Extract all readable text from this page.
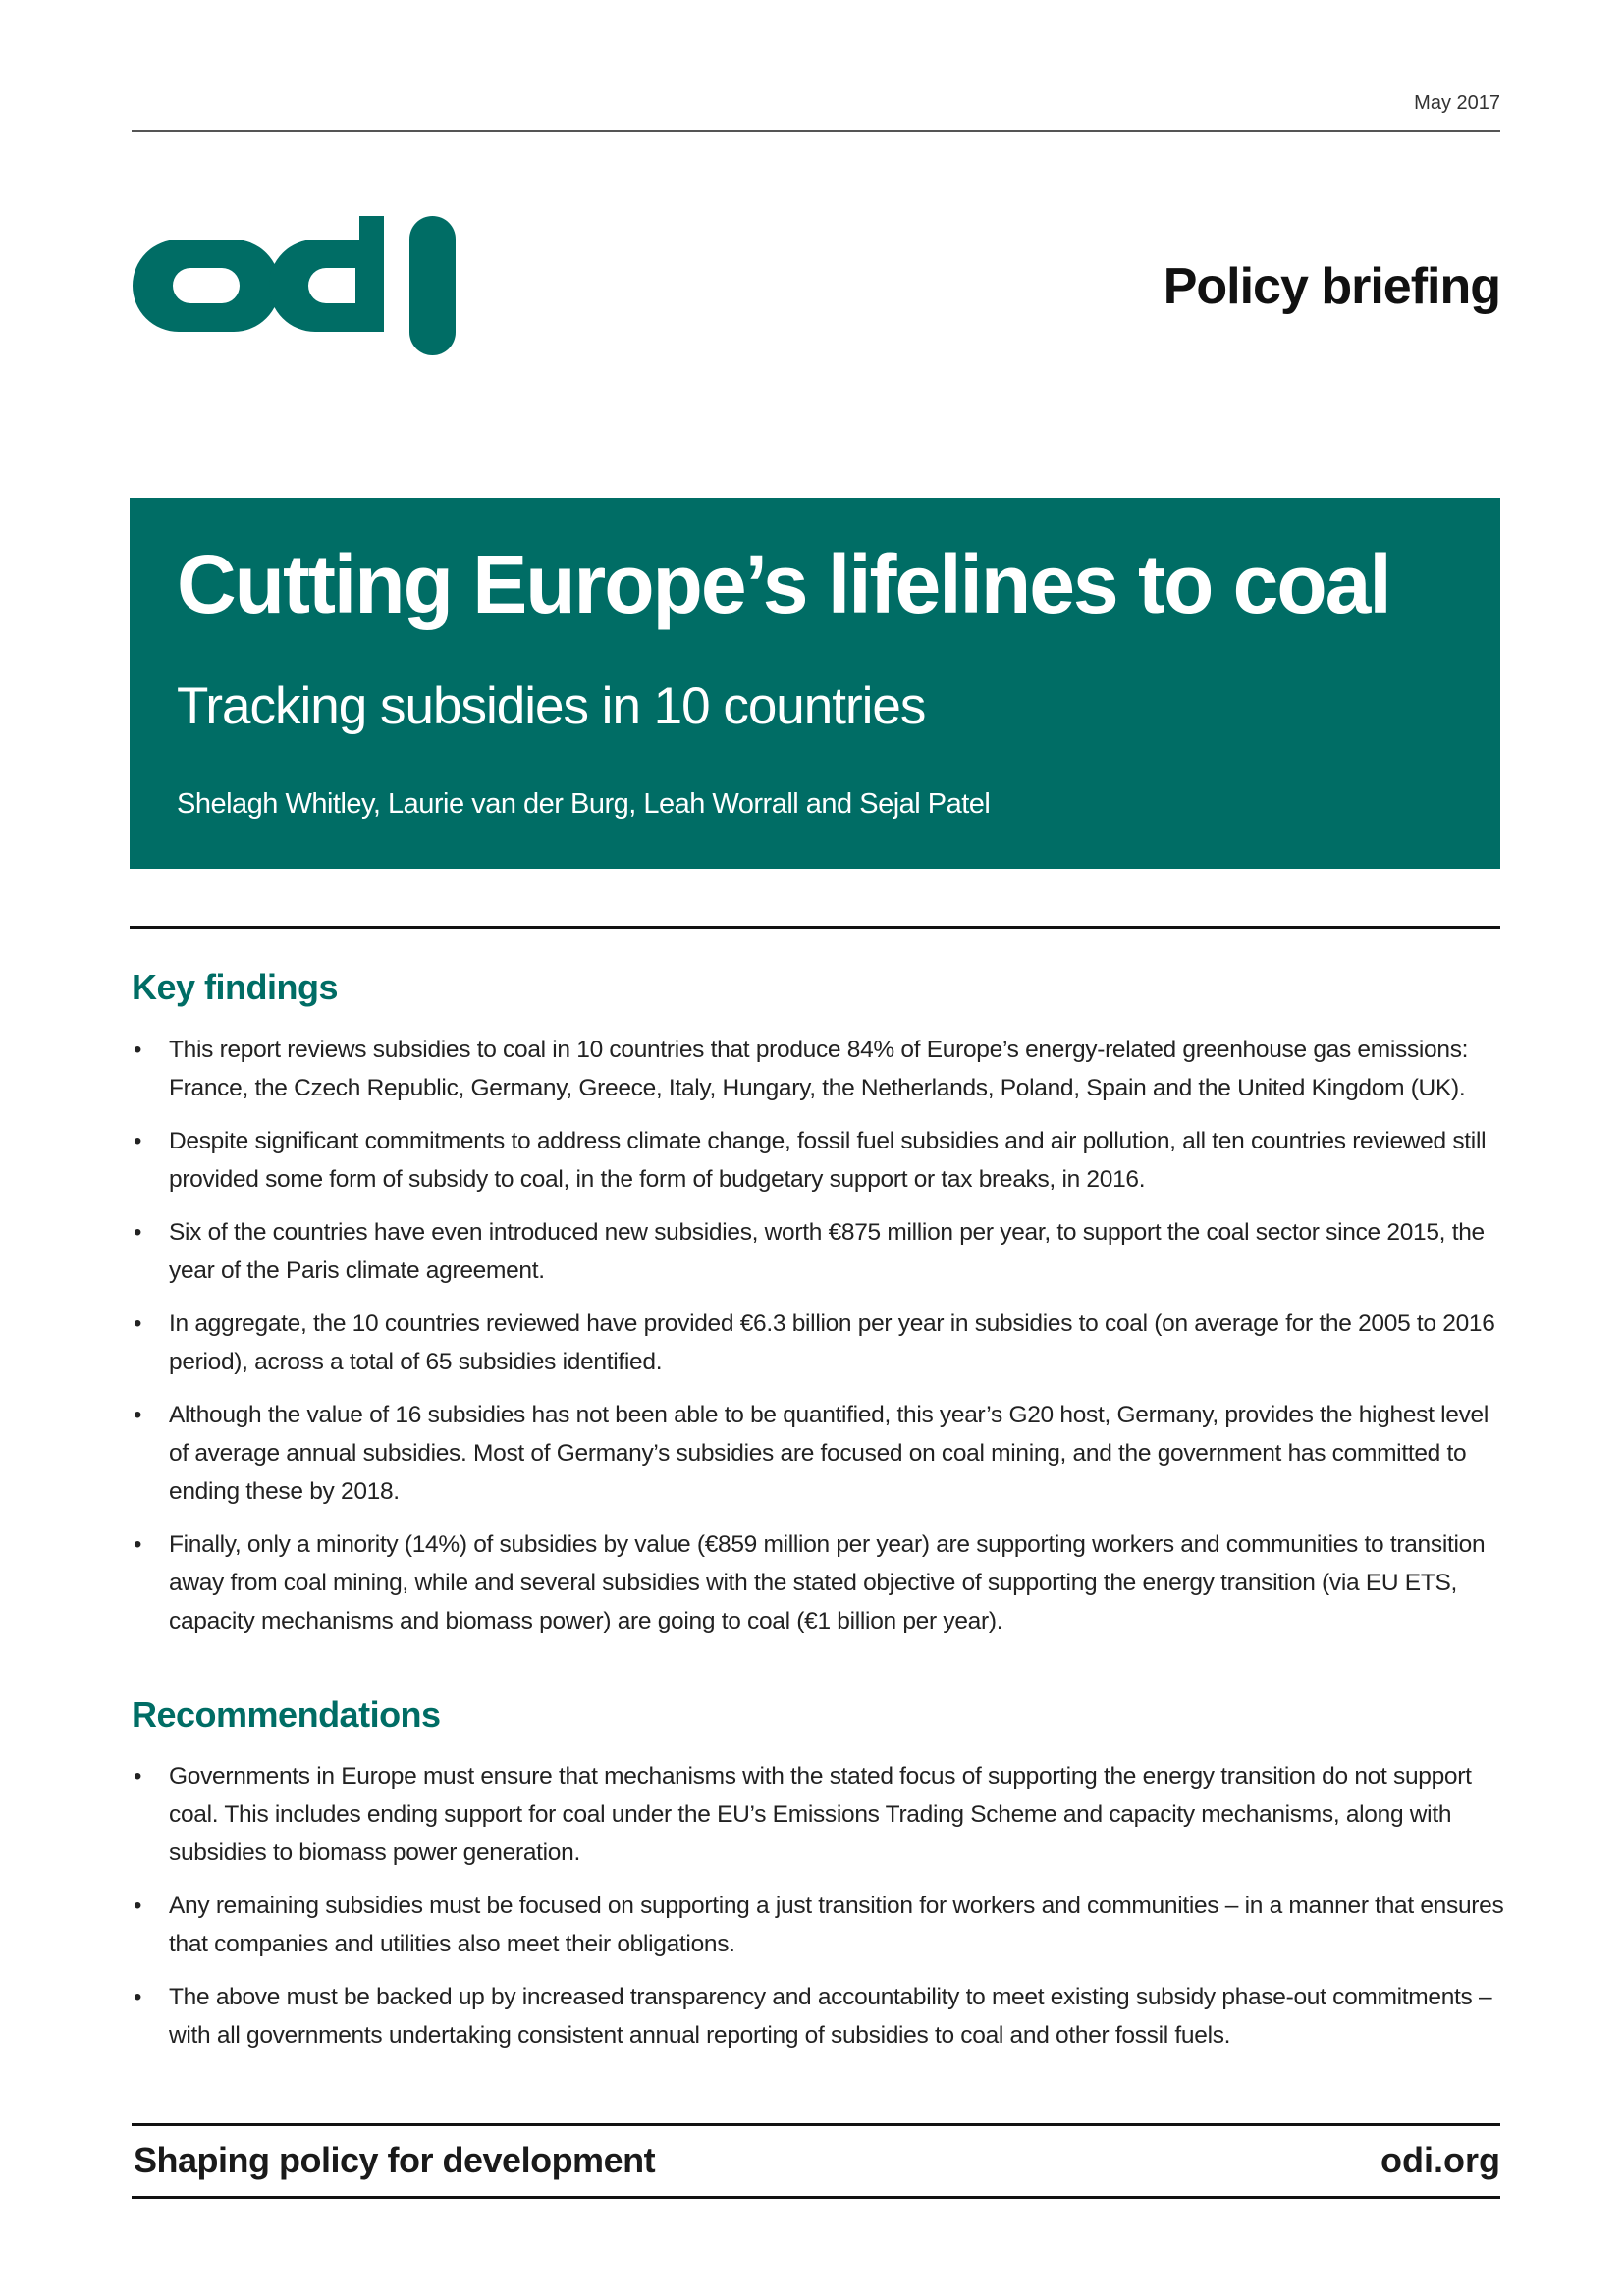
May 2017
Policy briefing
Cutting Europe’s lifelines to coal
Tracking subsidies in 10 countries
Shelagh Whitley, Laurie van der Burg, Leah Worrall and Sejal Patel
Key findings
• This report reviews subsidies to coal in 10 countries that produce 84% of Europe’s energy-related greenhouse gas emissions: France, the Czech Republic, Germany, Greece, Italy, Hungary, the Netherlands, Poland, Spain and the United Kingdom (UK).
• Despite significant commitments to address climate change, fossil fuel subsidies and air pollution, all ten countries reviewed still provided some form of subsidy to coal, in the form of budgetary support or tax breaks, in 2016.
• Six of the countries have even introduced new subsidies, worth €875 million per year, to support the coal sector since 2015, the year of the Paris climate agreement.
• In aggregate, the 10 countries reviewed have provided €6.3 billion per year in subsidies to coal (on average for the 2005 to 2016 period), across a total of 65 subsidies identified.
• Although the value of 16 subsidies has not been able to be quantified, this year’s G20 host, Germany, provides the highest level of average annual subsidies. Most of Germany’s subsidies are focused on coal mining, and the government has committed to ending these by 2018.
• Finally, only a minority (14%) of subsidies by value (€859 million per year) are supporting workers and communities to transition away from coal mining, while and several subsidies with the stated objective of supporting the energy transition (via EU ETS, capacity mechanisms and biomass power) are going to coal (€1 billion per year).
Recommendations
• Governments in Europe must ensure that mechanisms with the stated focus of supporting the energy transition do not support coal. This includes ending support for coal under the EU’s Emissions Trading Scheme and capacity mechanisms, along with subsidies to biomass power generation.
• Any remaining subsidies must be focused on supporting a just transition for workers and communities – in a manner that ensures that companies and utilities also meet their obligations.
• The above must be backed up by increased transparency and accountability to meet existing subsidy phase-out commitments – with all governments undertaking consistent annual reporting of subsidies to coal and other fossil fuels.
Shaping policy for development	odi.org
